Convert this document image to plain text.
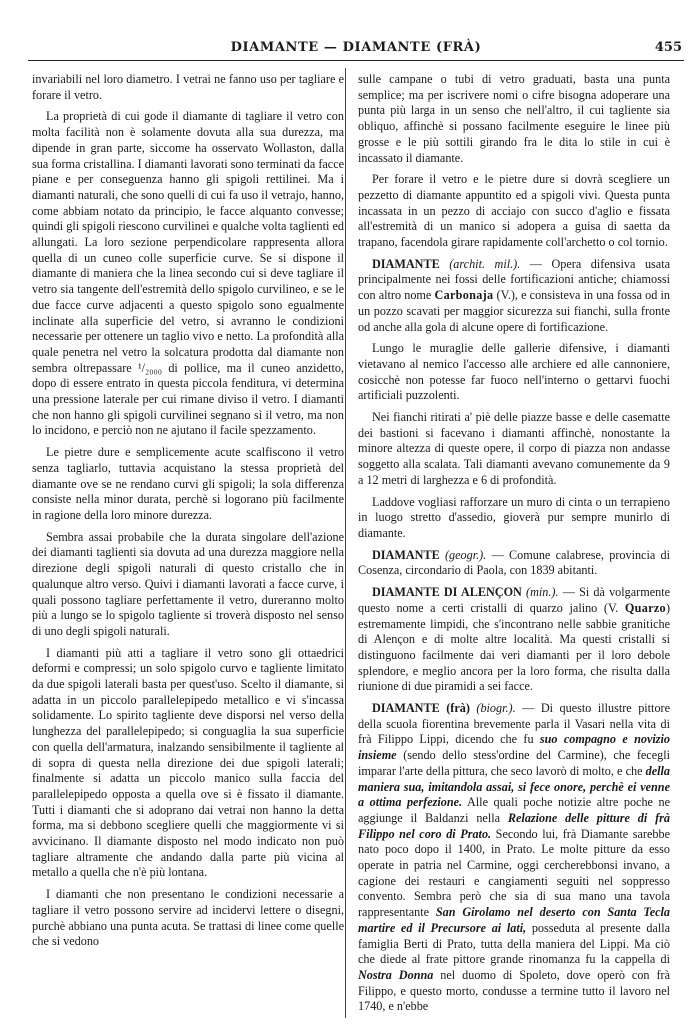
DIAMANTE — DIAMANTE (FRÀ)	455

invariabili nel loro diametro. I vetrai ne fanno uso per tagliare e forare il vetro.

La proprietà di cui gode il diamante di tagliare il vetro con molta facilità non è solamente dovuta alla sua durezza, ma dipende in gran parte, siccome ha osservato Wollaston, dalla sua forma cristallina. I diamanti lavorati sono terminati da facce piane e per conseguenza hanno gli spigoli rettilinei. Ma i diamanti naturali, che sono quelli di cui fa uso il vetrajo, hanno, come abbiam notato da principio, le facce alquanto convesse; quindi gli spigoli riescono curvilinei e qualche volta taglienti ed allungati. La loro sezione perpendicolare rappresenta allora quella di un cuneo colle superficie curve. Se si dispone il diamante di maniera che la linea secondo cui si deve tagliare il vetro sia tangente dell'estremità dello spigolo curvilineo, e se le due facce curve adjacenti a questo spigolo sono egualmente inclinate alla superficie del vetro, si avranno le condizioni necessarie per ottenere un taglio vivo e netto. La profondità alla quale penetra nel vetro la solcatura prodotta dal diamante non sembra oltrepassare ¹/₂₀₀₀ di pollice, ma il cuneo anzidetto, dopo di essere entrato in questa piccola fenditura, vi determina una pressione laterale per cui rimane diviso il vetro. I diamanti che non hanno gli spigoli curvilinei segnano sì il vetro, ma non lo incidono, e perciò non ne ajutano il facile spezzamento.

Le pietre dure e semplicemente acute scalfiscono il vetro senza tagliarlo, tuttavia acquistano la stessa proprietà del diamante ove se ne rendano curvi gli spigoli; la sola differenza consiste nella minor durata, perchè si logorano più facilmente in ragione della loro minore durezza.

Sembra assai probabile che la durata singolare dell'azione dei diamanti taglienti sia dovuta ad una durezza maggiore nella direzione degli spigoli naturali di questo cristallo che in qualunque altro verso. Quivi i diamanti lavorati a facce curve, i quali possono tagliare perfettamente il vetro, dureranno molto più a lungo se lo spigolo tagliente si troverà disposto nel senso di uno degli spigoli naturali.

I diamanti più atti a tagliare il vetro sono gli ottaedrici deformi e compressi; un solo spigolo curvo e tagliente limitato da due spigoli laterali basta per quest'uso. Scelto il diamante, si adatta in un piccolo parallelepipedo metallico e vi s'incassa solidamente. Lo spirito tagliente deve disporsi nel verso della lunghezza del parallelepipedo; si conguaglia la sua superficie con quella dell'armatura, inalzando sensibilmente il tagliente al di sopra di questa nella direzione dei due spigoli laterali; finalmente si adatta un piccolo manico sulla faccia del parallelepipedo opposta a quella ove si è fissato il diamante. Tutti i diamanti che si adoprano dai vetrai non hanno la detta forma, ma si debbono scegliere quelli che maggiormente vi si avvicinano. Il diamante disposto nel modo indicato non può tagliare altramente che andando dalla parte più vicina al metallo a quella che n'è più lontana.

I diamanti che non presentano le condizioni necessarie a tagliare il vetro possono servire ad incidervi lettere o disegni, purchè abbiano una punta acuta. Se trattasi di linee come quelle che si vedono

sulle campane o tubi di vetro graduati, basta una punta semplice; ma per iscrivere nomi o cifre bisogna adoperare una punta più larga in un senso che nell'altro, il cui tagliente sia obliquo, affinchè si possano facilmente eseguire le linee più grosse e le più sottili girando fra le dita lo stile in cui è incassato il diamante.

Per forare il vetro e le pietre dure si dovrà scegliere un pezzetto di diamante appuntito ed a spigoli vivi. Questa punta incassata in un pezzo di acciajo con succo d'aglio e fissata all'estremità di un manico si adopera a guisa di saetta da trapano, facendola girare rapidamente coll'archetto o col tornio.

DIAMANTE (archit. mil.). — Opera difensiva usata principalmente nei fossi delle fortificazioni antiche; chiamossi con altro nome Carbonaja (V.), e consisteva in una fossa od in un pozzo scavati per maggior sicurezza sui fianchi, sulla fronte od anche alla gola di alcune opere di fortificazione.

Lungo le muraglie delle gallerie difensive, i diamanti vietavano al nemico l'accesso alle archiere ed alle cannoniere, cosicchè non potesse far fuoco nell'interno o gettarvi fuochi artificiali puzzolenti.

Nei fianchi ritirati a' piè delle piazze basse e delle casematte dei bastioni si facevano i diamanti affinchè, nonostante la minore altezza di queste opere, il corpo di piazza non andasse soggetto alla scalata. Tali diamanti avevano comunemente da 9 a 12 metri di larghezza e 6 di profondità.

Laddove vogliasi rafforzare un muro di cinta o un terrapieno in luogo stretto d'assedio, gioverà pur sempre munirlo di diamante.

DIAMANTE (geogr.). — Comune calabrese, provincia di Cosenza, circondario di Paola, con 1839 abitanti.

DIAMANTE DI ALENÇON (min.). — Si dà volgarmente questo nome a certi cristalli di quarzo jalino (V. Quarzo) estremamente limpidi, che s'incontrano nelle sabbie granitiche di Alençon e di molte altre località. Ma questi cristalli si distinguono facilmente dai veri diamanti per il loro debole splendore, e meglio ancora per la loro forma, che risulta dalla riunione di due piramidi a sei facce.

DIAMANTE (frà) (biogr.). — Di questo illustre pittore della scuola fiorentina brevemente parla il Vasari nella vita di frà Filippo Lippi, dicendo che fu suo compagno e novizio insieme (sendo dello stess'ordine del Carmine), che fecegli imparar l'arte della pittura, che seco lavorò di molto, e che della maniera sua, imitandola assai, si fece onore, perchè ei venne a ottima perfezione. Alle quali poche notizie altre poche ne aggiunge il Baldanzi nella Relazione delle pitture di frà Filippo nel coro di Prato. Secondo lui, frà Diamante sarebbe nato poco dopo il 1400, in Prato. Le molte pitture da esso operate in patria nel Carmine, oggi cercherebbonsi invano, a cagione dei restauri e cangiamenti seguiti nel soppresso convento. Sembra però che sia di sua mano una tavola rappresentante San Girolamo nel deserto con Santa Tecla martire ed il Precursore ai lati, posseduta al presente dalla famiglia Berti di Prato, tutta della maniera del Lippi. Ma ciò che diede al frate pittore grande rinomanza fu la cappella di Nostra Donna nel duomo di Spoleto, dove operò con frà Filippo, e questo morto, condusse a termine tutto il lavoro nel 1740, e n'ebbe
